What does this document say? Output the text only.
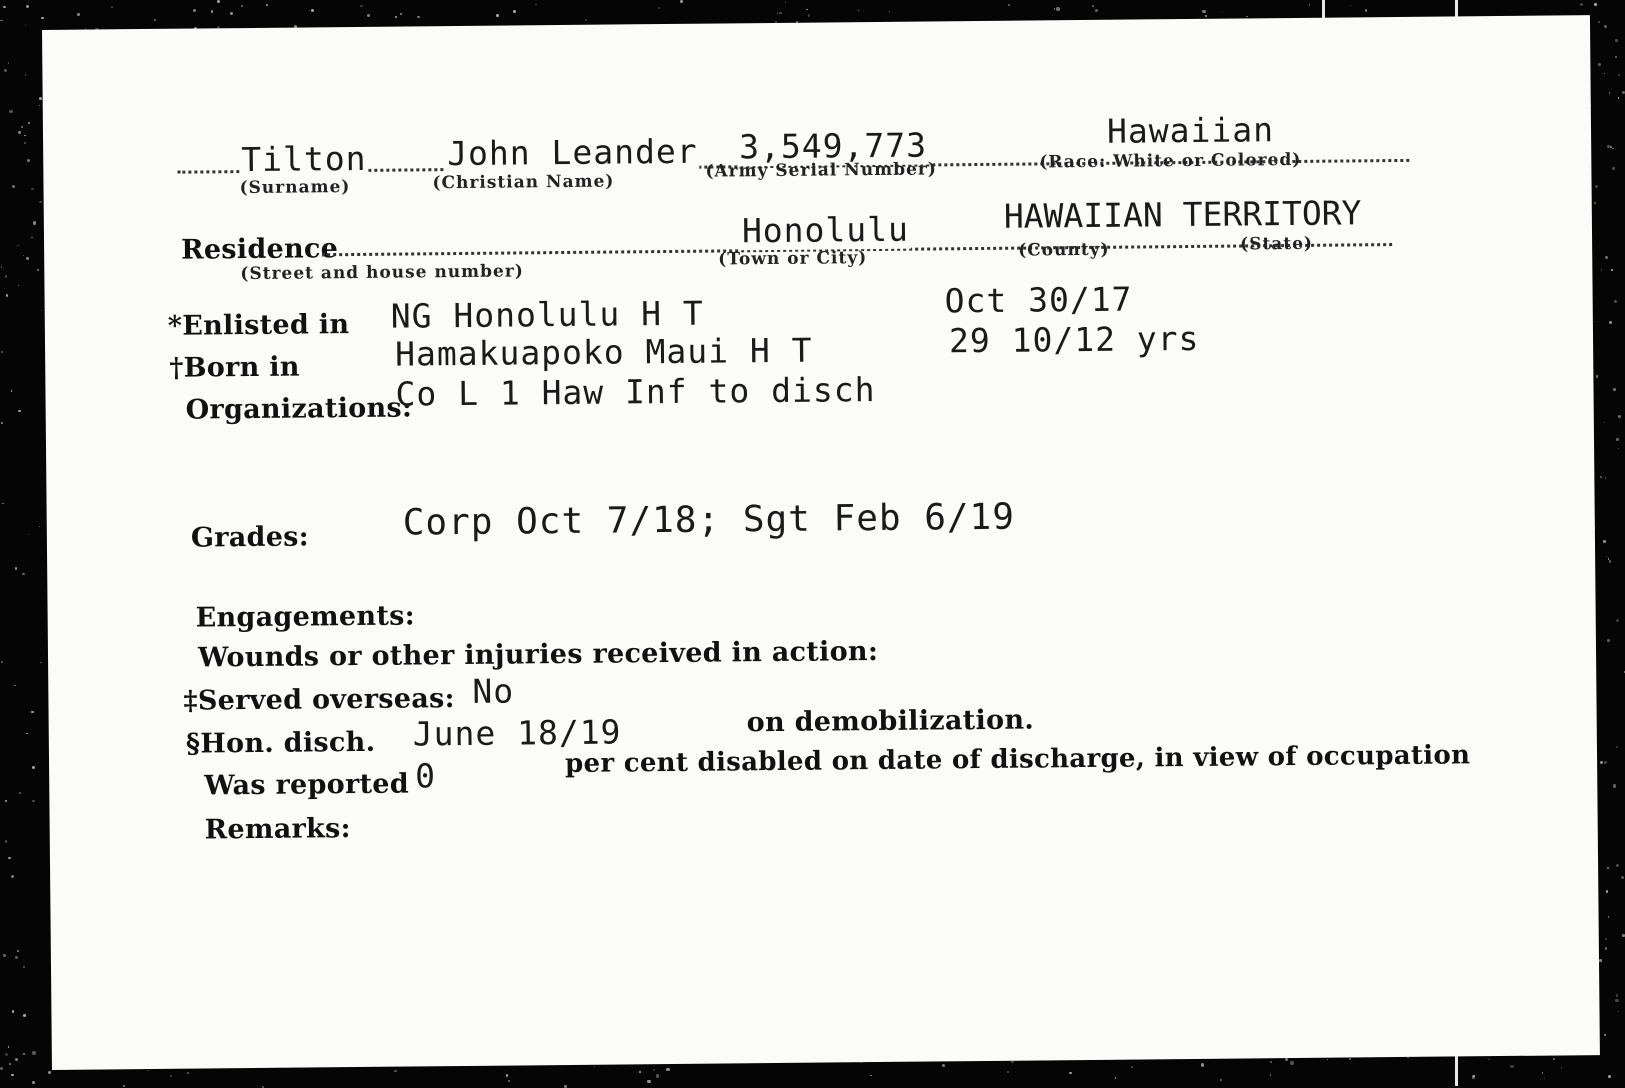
Tilton John Leander 3,549,773	Hawaiian
(Surname)	(Christian Name)
(Army Serial Number)	(Race: White or Colored)
Residence	Honolulu	HAWAIIAN TERRITORY
(Street and house number)
(Town or City)	(County)	(State)
*Enlisted in NG Honolulu H T	Oct 30/17
†Born in	Hamakuapoko Maui H T	29 10/12 yrs
Organizations:
Co L 1 Haw Inf to disch
Grades:	Corp Oct 7/18; Sgt Feb 6/19
Engagements:
Wounds or other injuries received in action:
‡Served overseas: No
§Hon. disch. June 18/19	on demobilization.
Was reported 0	per cent disabled on date of discharge, in view of occupation
Remarks:
